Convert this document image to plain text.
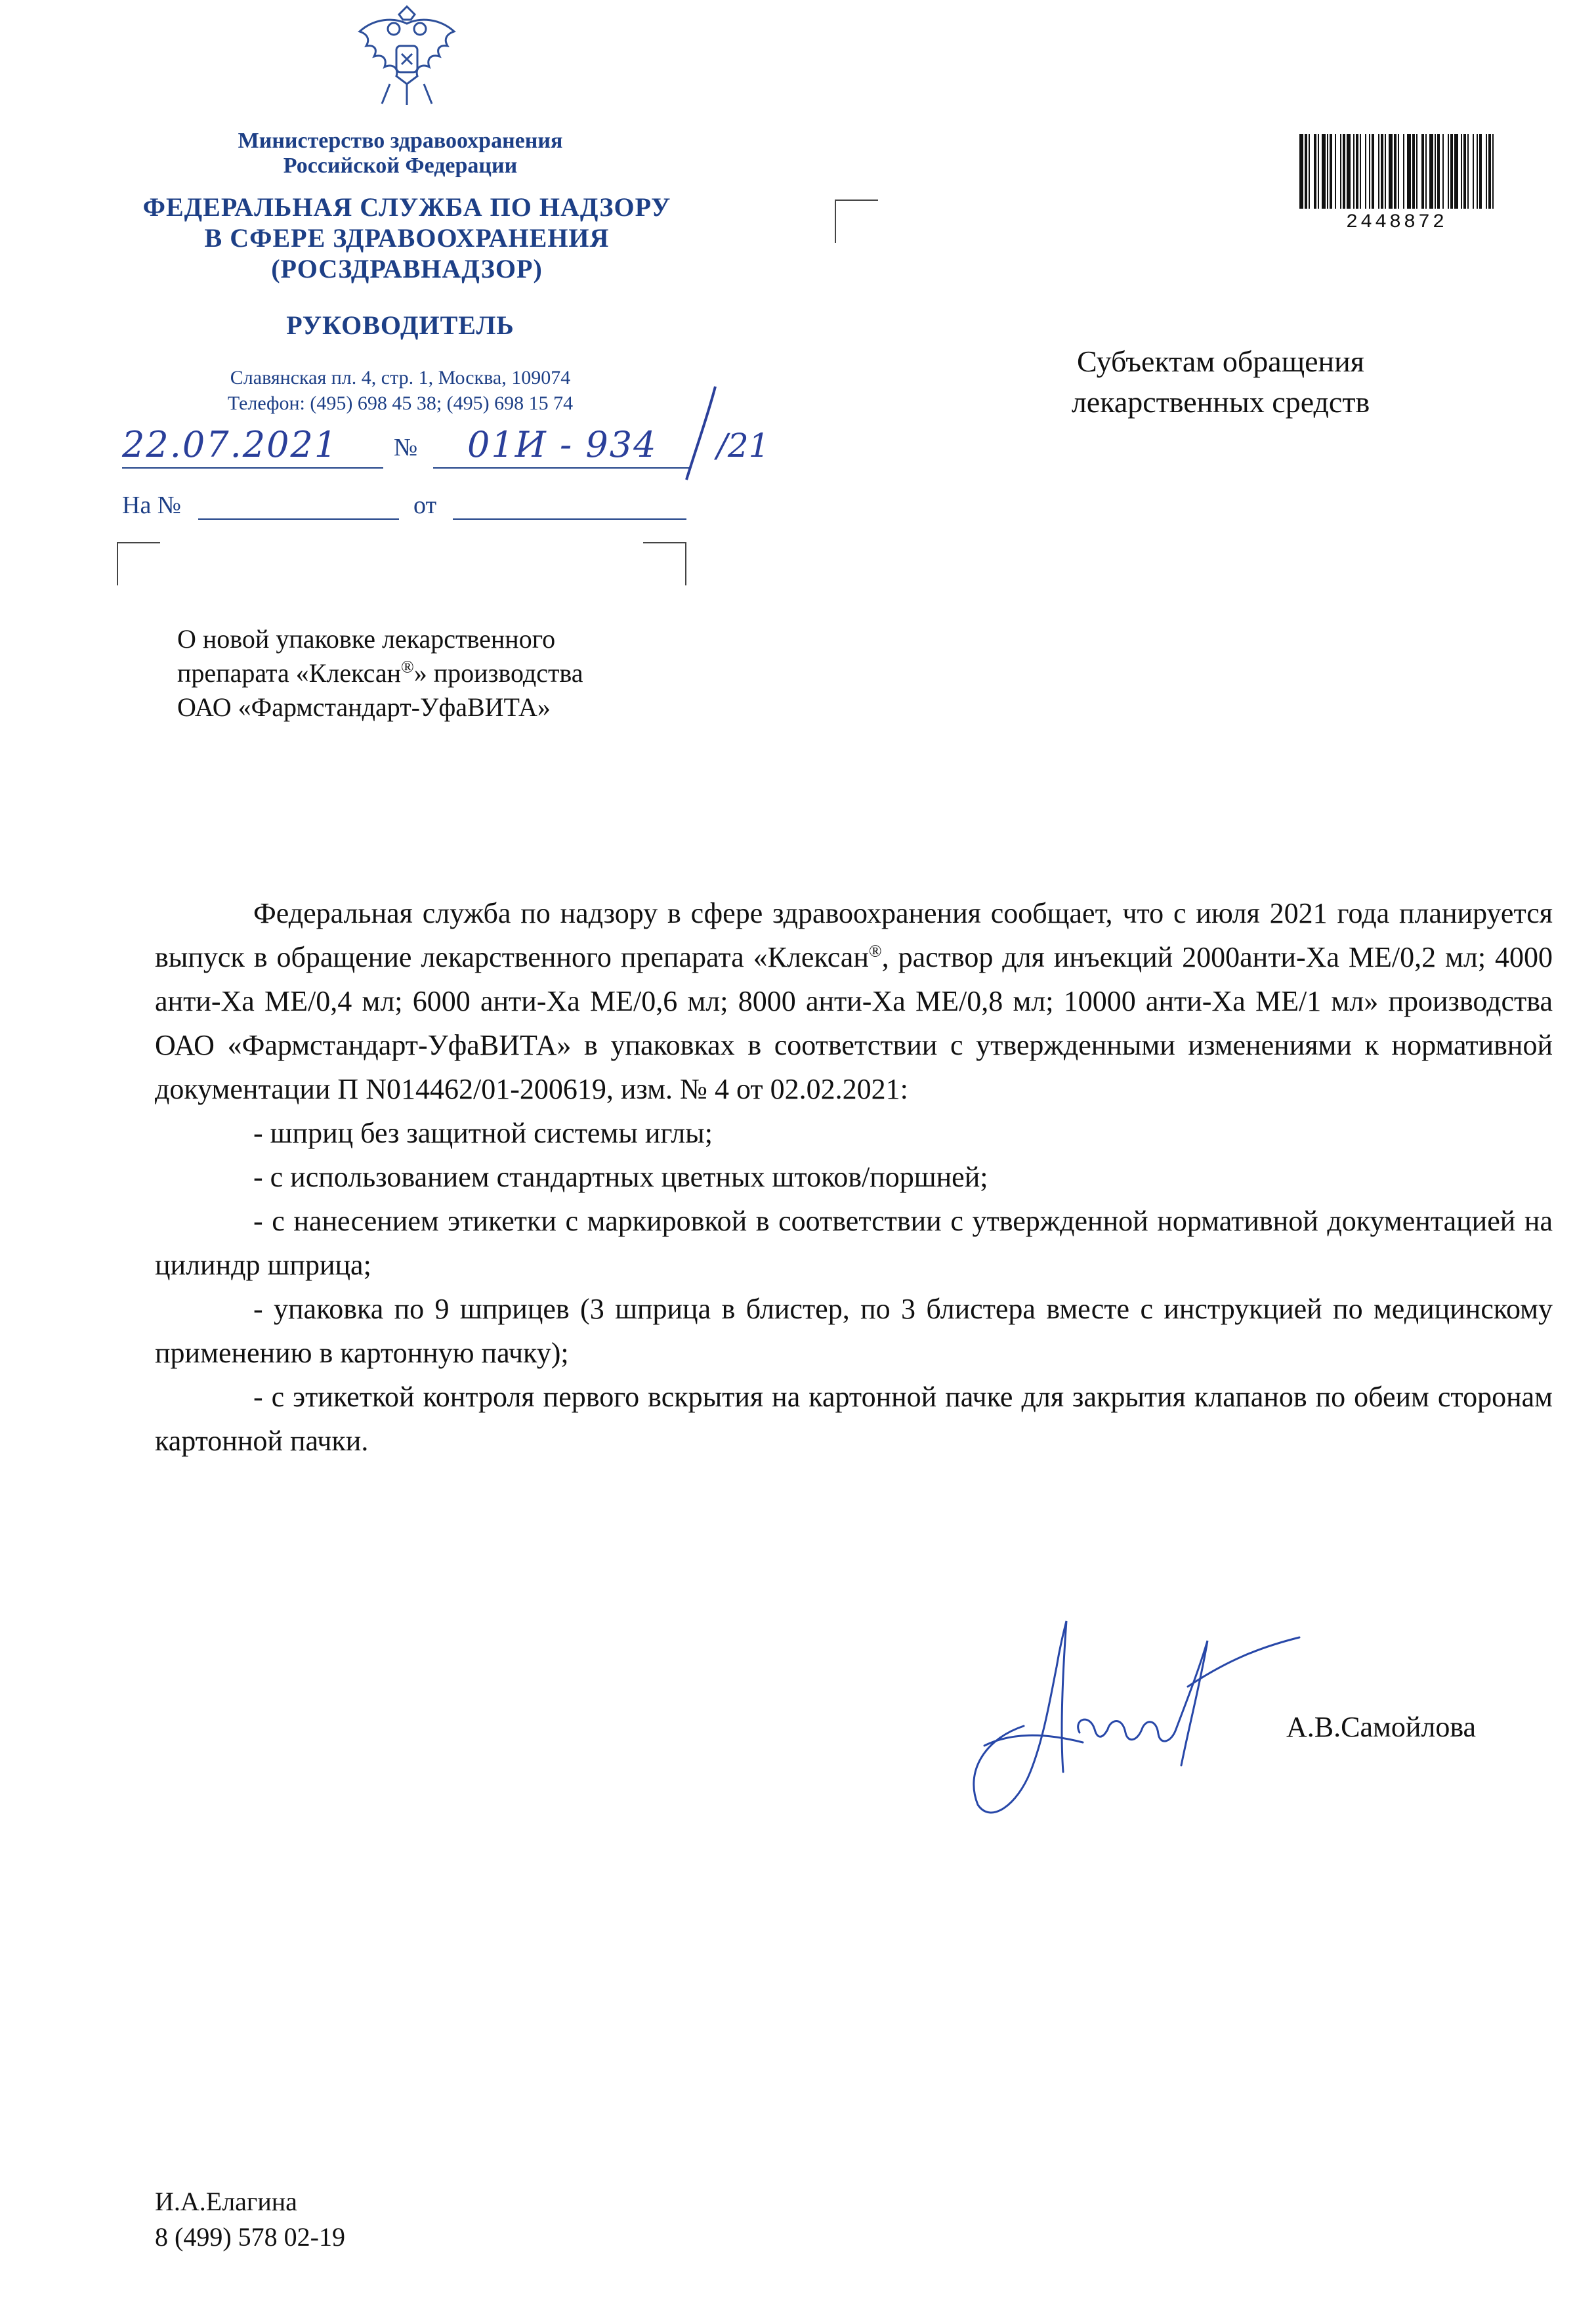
Министерство здравоохранения
Российской Федерации
ФЕДЕРАЛЬНАЯ СЛУЖБА ПО НАДЗОРУ
В СФЕРЕ ЗДРАВООХРАНЕНИЯ
(РОСЗДРАВНАДЗОР)
РУКОВОДИТЕЛЬ
Славянская пл. 4, стр. 1, Москва, 109074
Телефон: (495) 698 45 38; (495) 698 15 74
22.07.2021 № 01И - 934 /21
На №	от
О новой упаковке лекарственного
препарата «Клексан®» производства
ОАО «Фармстандарт-УфаВИТА»
2448872
Субъектам обращения
лекарственных средств

Федеральная служба по надзору в сфере здравоохранения сообщает, что с июля 2021 года планируется выпуск в обращение лекарственного препарата «Клексан®, раствор для инъекций 2000анти-Ха МЕ/0,2 мл; 4000 анти-Ха МЕ/0,4 мл; 6000 анти-Ха МЕ/0,6 мл; 8000 анти-Ха МЕ/0,8 мл; 10000 анти-Ха МЕ/1 мл» производства ОАО «Фармстандарт-УфаВИТА» в упаковках в соответствии с утвержденными изменениями к нормативной документации П N014462/01-200619, изм. № 4 от 02.02.2021:

- шприц без защитной системы иглы;

- с использованием стандартных цветных штоков/поршней;

- с нанесением этикетки с маркировкой в соответствии с утвержденной нормативной документацией на цилиндр шприца;

- упаковка по 9 шприцев (3 шприца в блистер, по 3 блистера вместе с инструкцией по медицинскому применению в картонную пачку);

- с этикеткой контроля первого вскрытия на картонной пачке для закрытия клапанов по обеим сторонам картонной пачки.

А.В.Самойлова
И.А.Елагина
8 (499) 578 02-19
